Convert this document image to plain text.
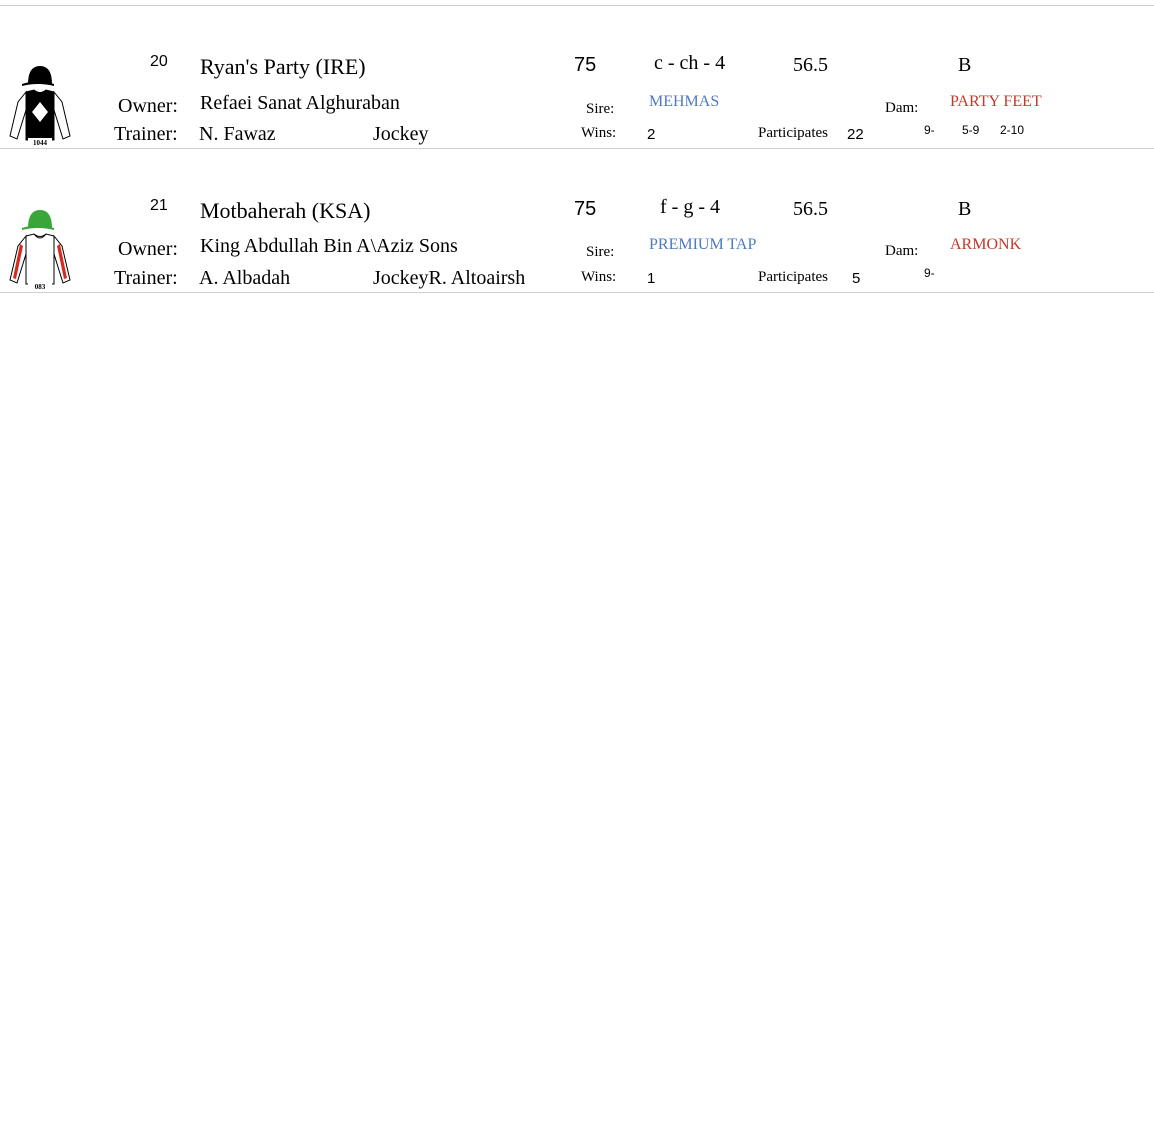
1044
20 Ryan's Party (IRE)	75	c - ch - 4	56.5	B
Owner: Refaei Sanat Alghuraban	Sire: MEHMAS	Dam: PARTY FEET
Trainer: N. Fawaz	Jockey	Wins: 2	Participates 22	9- 5-9 2-10
083
21 Motbaherah (KSA)	75	f - g - 4	56.5	B
Owner: King Abdullah Bin A\Aziz Sons	Sire: PREMIUM TAP	Dam: ARMONK
Trainer: A. Albadah	JockeyR. Altoairsh	Wins: 1	Participates 5	9-
